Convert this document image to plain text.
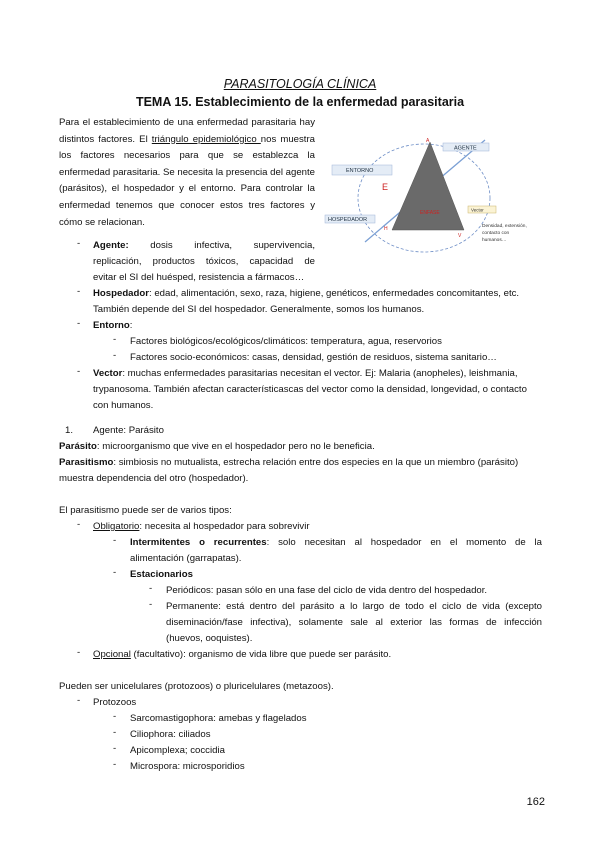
PARASITOLOGÍA CLÍNICA
TEMA 15. Establecimiento de la enfermedad parasitaria
Para el establecimiento de una enfermedad parasitaria hay distintos factores. El triángulo epidemiológico nos muestra los factores necesarios para que se establezca la enfermedad parasitaria. Se necesita la presencia del agente (parásitos), el hospedador y el entorno. Para controlar la enfermedad tenemos que conocer estos tres factores y cómo se relacionan.
AGENTE
ENTORNO
HOSPEDADOR
E
A
H
V
ENFASE	Vector
Densidad, extensión,
contacto con
humanos…
- Agente: dosis infectiva, supervivencia,
replicación, productos tóxicos, capacidad de
evitar el SI del huésped, resistencia a fármacos…
- Hospedador: edad, alimentación, sexo, raza, higiene, genéticos, enfermedades concomitantes, etc.
También depende del SI del hospedador. Generalmente, somos los humanos.
- Entorno:
- Factores biológicos/ecológicos/climáticos: temperatura, agua, reservorios
- Factores socio-económicos: casas, densidad, gestión de residuos, sistema sanitario…
- Vector: muchas enfermedades parasitarias necesitan el vector. Ej: Malaria (anopheles), leishmania,
trypanosoma. También afectan característicascas del vector como la densidad, longevidad, o contacto
con humanos.
1. Agente: Parásito
Parásito: microorganismo que vive en el hospedador pero no le beneficia.
Parasitismo: simbiosis no mutualista, estrecha relación entre dos especies en la que un miembro (parásito)
muestra dependencia del otro (hospedador).
El parasitismo puede ser de varios tipos:
- Obligatorio: necesita al hospedador para sobrevivir
- Intermitentes o recurrentes: solo necesitan al hospedador en el momento de la
alimentación (garrapatas).
- Estacionarios
- Periódicos: pasan sólo en una fase del ciclo de vida dentro del hospedador.
- Permanente: está dentro del parásito a lo largo de todo el ciclo de vida (excepto
diseminación/fase infectiva), solamente sale al exterior las formas de infección
(huevos, ooquistes).
- Opcional (facultativo): organismo de vida libre que puede ser parásito.
Pueden ser unicelulares (protozoos) o pluricelulares (metazoos).
- Protozoos
- Sarcomastigophora: amebas y flagelados
- Ciliophora: ciliados
- Apicomplexa; coccidia
- Microspora: microsporidios
162
